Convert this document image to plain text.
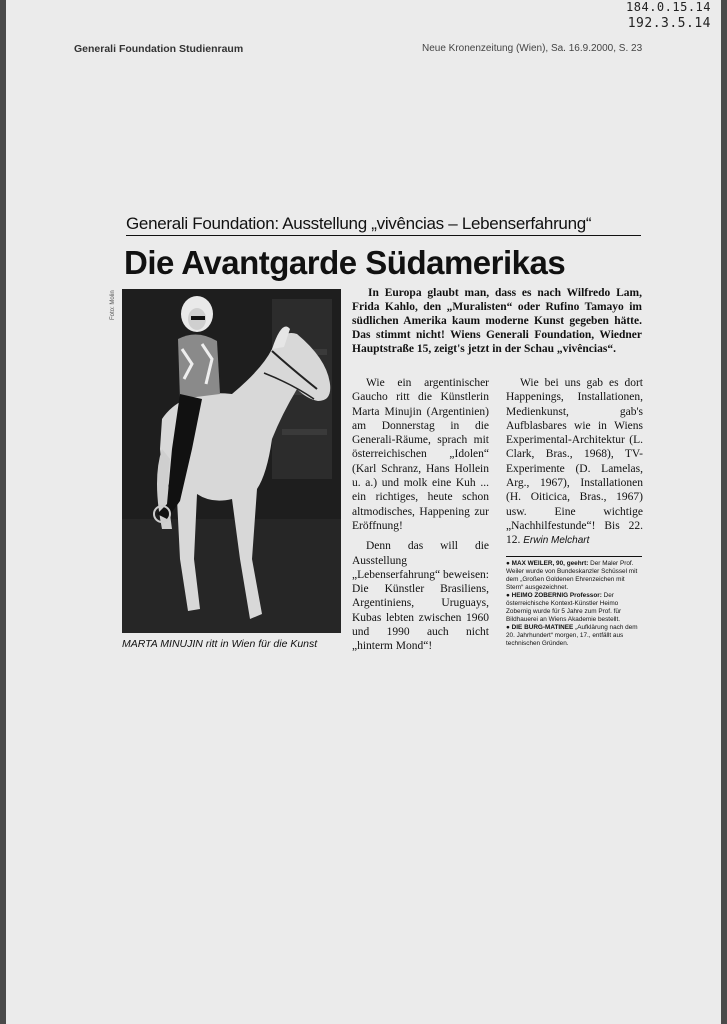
Generali Foundation Studienraum	Neue Kronenzeitung (Wien), Sa. 16.9.2000, S. 23
184.0.15.14
192.3.5.14
Generali Foundation: Ausstellung „vivências – Lebenserfahrung“
Die Avantgarde Südamerikas
Foto: Molin
MARTA MINUJIN ritt in Wien für die Kunst
In Europa glaubt man, dass es nach Wilfredo Lam, Frida Kahlo, den „Muralisten“ oder Rufino Tamayo im südlichen Amerika kaum moderne Kunst gegeben hätte. Das stimmt nicht! Wiens Generali Foundation, Wiedner Hauptstraße 15, zeigt's jetzt in der Schau „vivências“.

Wie ein argentinischer Gaucho ritt die Künstlerin Marta Minujin (Argentinien) am Donnerstag in die Generali-Räume, sprach mit österreichischen „Idolen“ (Karl Schranz, Hans Hollein u. a.) und molk eine Kuh ... ein richtiges, heute schon altmodisches, Happening zur Eröffnung!

Denn das will die Ausstellung „Lebenserfahrung“ beweisen: Die Künstler Brasiliens, Argentiniens, Uruguays, Kubas lebten zwischen 1960 und 1990 auch nicht „hinterm Mond“!

Wie bei uns gab es dort Happenings, Installationen, Medienkunst, gab's Aufblasbares wie in Wiens Experimental-Architektur (L. Clark, Bras., 1968), TV-Experimente (D. Lamelas, Arg., 1967), Installationen (H. Oiticica, Bras., 1967) usw. Eine wichtige „Nachhilfestunde“! Bis 22. 12. Erwin Melchart

● MAX WEILER, 90, geehrt: Der Maler Prof. Weiler wurde von Bundeskanzler Schüssel mit dem „Großen Goldenen Ehrenzeichen mit Stern“ ausgezeichnet.

● HEIMO ZOBERNIG Professor: Der österreichische Kontext-Künstler Heimo Zobernig wurde für 5 Jahre zum Prof. für Bildhauerei an Wiens Akademie bestellt.

● DIE BURG-MATINEE „Aufklärung nach dem 20. Jahrhundert“ morgen, 17., entfällt aus technischen Gründen.
